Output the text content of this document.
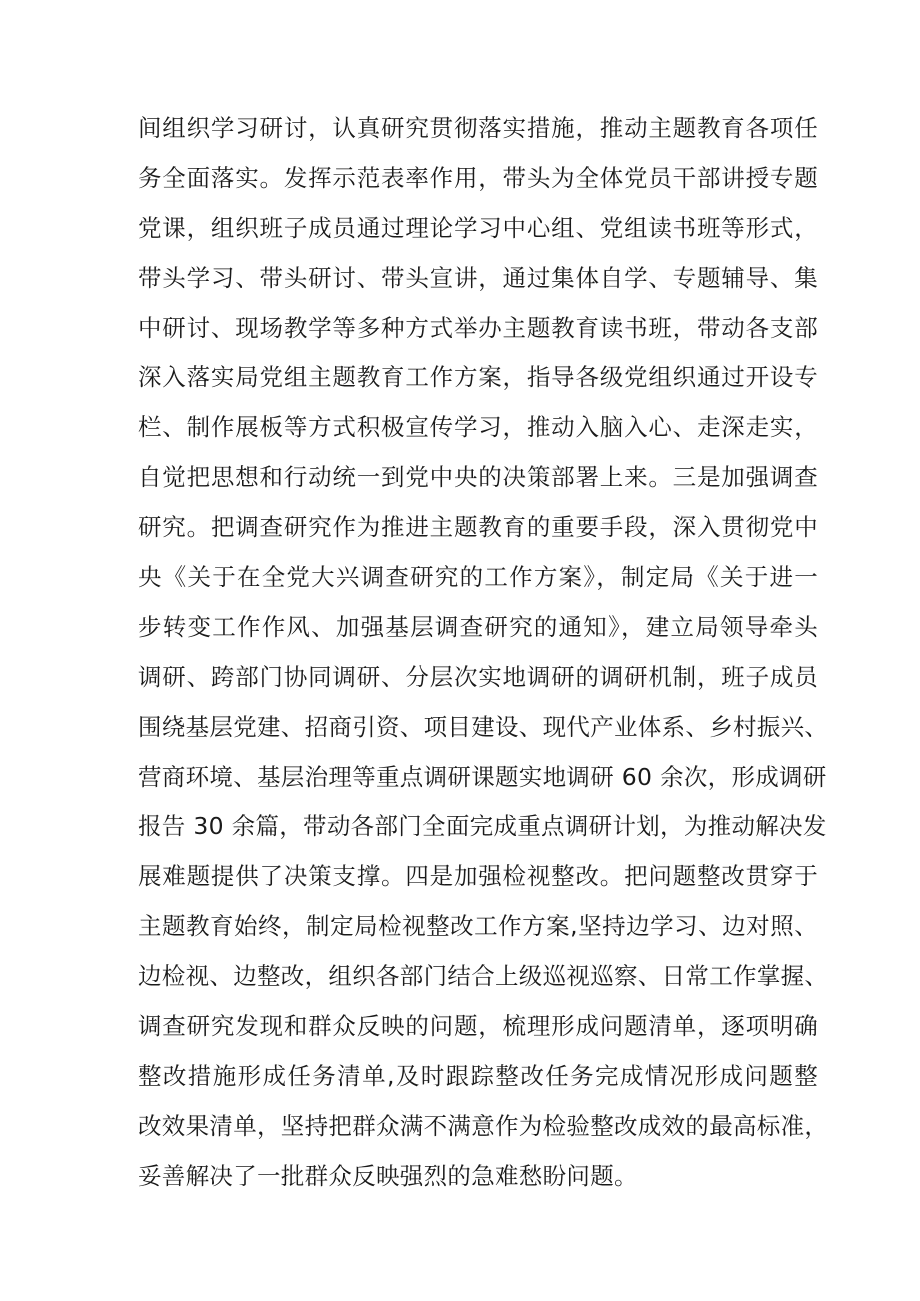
间组织学习研讨，认真研究贯彻落实措施，推动主题教育各项任
务全面落实。发挥示范表率作用，带头为全体党员干部讲授专题
党课，组织班子成员通过理论学习中心组、党组读书班等形式，
带头学习、带头研讨、带头宣讲，通过集体自学、专题辅导、集
中研讨、现场教学等多种方式举办主题教育读书班，带动各支部
深入落实局党组主题教育工作方案，指导各级党组织通过开设专
栏、制作展板等方式积极宣传学习，推动入脑入心、走深走实，
自觉把思想和行动统一到党中央的决策部署上来。三是加强调查
研究。把调查研究作为推进主题教育的重要手段，深入贯彻党中
央《关于在全党大兴调查研究的工作方案》，制定局《关于进一
步转变工作作风、加强基层调查研究的通知》，建立局领导牵头
调研、跨部门协同调研、分层次实地调研的调研机制，班子成员
围绕基层党建、招商引资、项目建设、现代产业体系、乡村振兴、
营商环境、基层治理等重点调研课题实地调研 60 余次，形成调研
报告 30 余篇，带动各部门全面完成重点调研计划，为推动解决发
展难题提供了决策支撑。四是加强检视整改。把问题整改贯穿于
主题教育始终，制定局检视整改工作方案,坚持边学习、边对照、
边检视、边整改，组织各部门结合上级巡视巡察、日常工作掌握、
调查研究发现和群众反映的问题，梳理形成问题清单，逐项明确
整改措施形成任务清单,及时跟踪整改任务完成情况形成问题整
改效果清单，坚持把群众满不满意作为检验整改成效的最高标准，
妥善解决了一批群众反映强烈的急难愁盼问题。
